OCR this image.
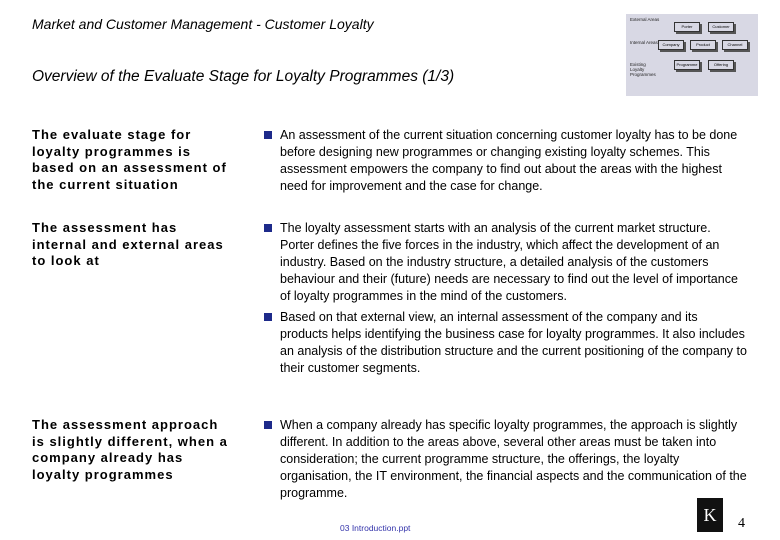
Market and Customer Management - Customer Loyalty	External Areas
Internal Areas
Existing Loyalty Programmes
Porter	Customer
Company	Product	Channel
Programme	Offering
Overview of the Evaluate Stage for Loyalty Programmes (1/3)
The evaluate stage for loyalty programmes is based on an assessment of the current situation
An assessment of the current situation concerning customer loyalty has to be done before designing new programmes or changing existing loyalty schemes. This assessment empowers the company to find out about the areas with the highest need for improvement and the case for change.
The assessment has internal and external areas to look at
The loyalty assessment starts with an analysis of the current market structure. Porter defines the five forces in the industry, which affect the development of an industry. Based on the industry structure, a detailed analysis of the customers behaviour and their (future) needs are necessary to find out the level of importance of loyalty programmes in the mind of the customers.
Based on that external view, an internal assessment of the company and its products helps identifying the business case for loyalty programmes. It also includes an analysis of the distribution structure and the current positioning of the company to their customer segments.
The assessment approach is slightly different, when a company already has loyalty programmes
When a company already has specific loyalty programmes, the approach is slightly different. In addition to the areas above, several other areas must be taken into consideration; the current programme structure, the offerings, the loyalty organisation, the IT environment, the financial aspects and the communication of the programme.
03 Introduction.ppt
K	4
